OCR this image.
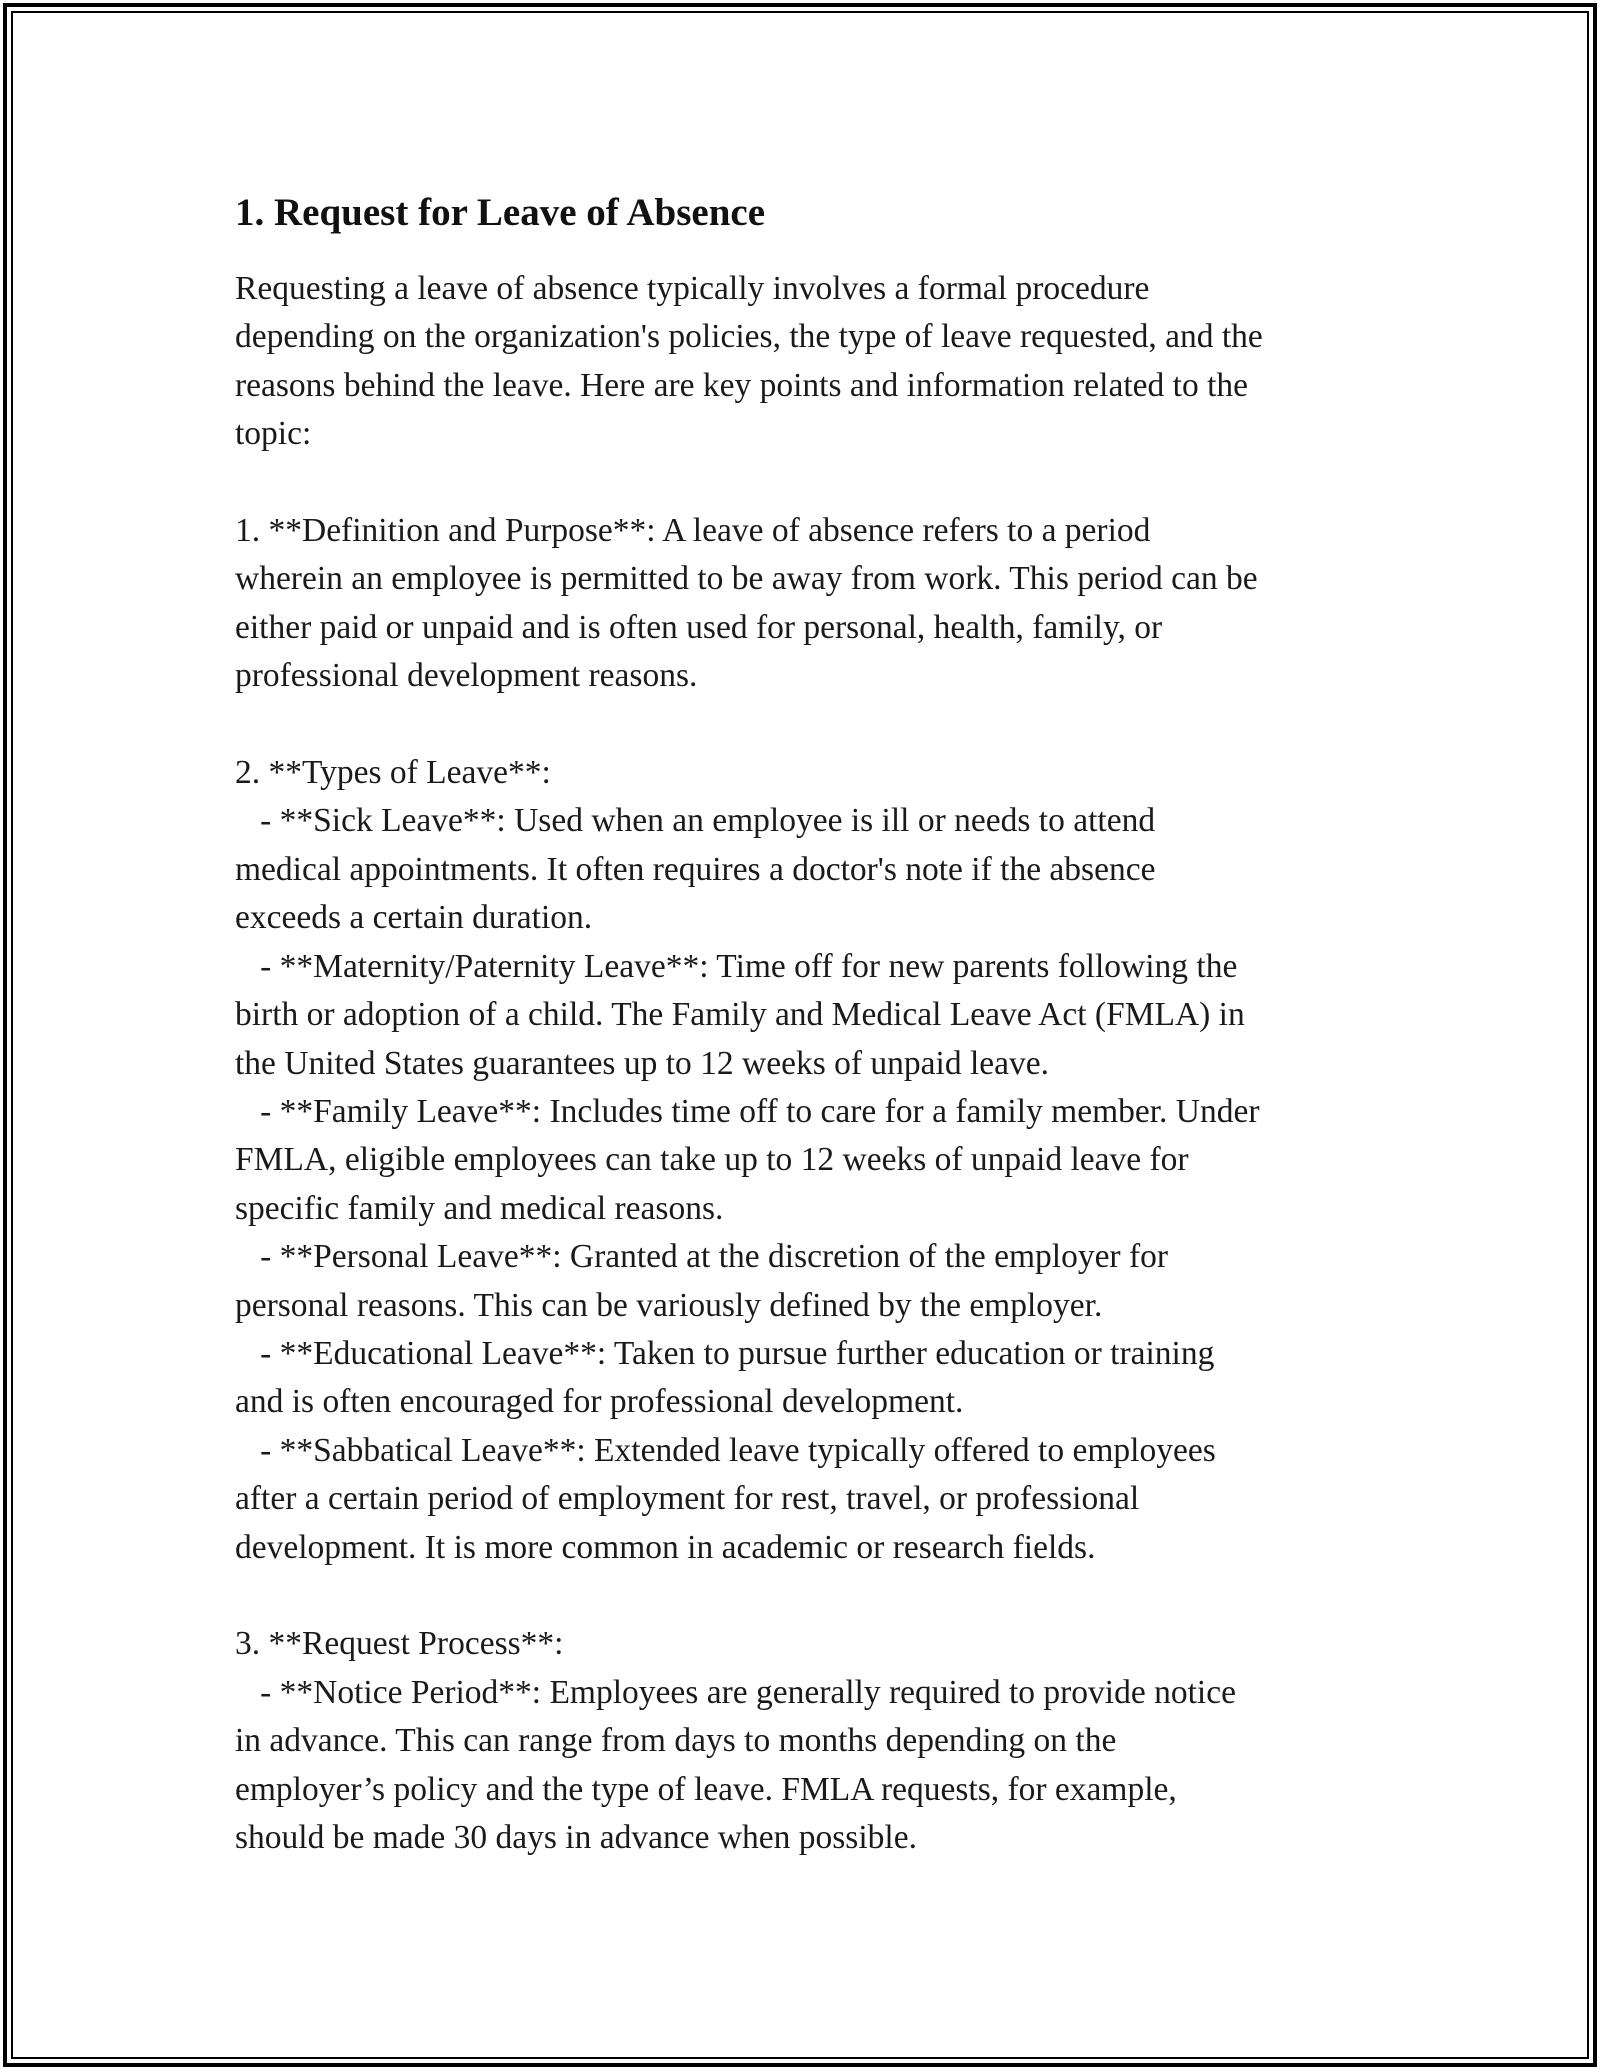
1. Request for Leave of Absence

Requesting a leave of absence typically involves a formal procedure
depending on the organization's policies, the type of leave requested, and the
reasons behind the leave. Here are key points and information related to the
topic:

1. **Definition and Purpose**: A leave of absence refers to a period
wherein an employee is permitted to be away from work. This period can be
either paid or unpaid and is often used for personal, health, family, or
professional development reasons.

2. **Types of Leave**:
- **Sick Leave**: Used when an employee is ill or needs to attend
medical appointments. It often requires a doctor's note if the absence
exceeds a certain duration.
- **Maternity/Paternity Leave**: Time off for new parents following the
birth or adoption of a child. The Family and Medical Leave Act (FMLA) in
the United States guarantees up to 12 weeks of unpaid leave.
- **Family Leave**: Includes time off to care for a family member. Under
FMLA, eligible employees can take up to 12 weeks of unpaid leave for
specific family and medical reasons.
- **Personal Leave**: Granted at the discretion of the employer for
personal reasons. This can be variously defined by the employer.
- **Educational Leave**: Taken to pursue further education or training
and is often encouraged for professional development.
- **Sabbatical Leave**: Extended leave typically offered to employees
after a certain period of employment for rest, travel, or professional
development. It is more common in academic or research fields.

3. **Request Process**:
- **Notice Period**: Employees are generally required to provide notice
in advance. This can range from days to months depending on the
employer’s policy and the type of leave. FMLA requests, for example,
should be made 30 days in advance when possible.
